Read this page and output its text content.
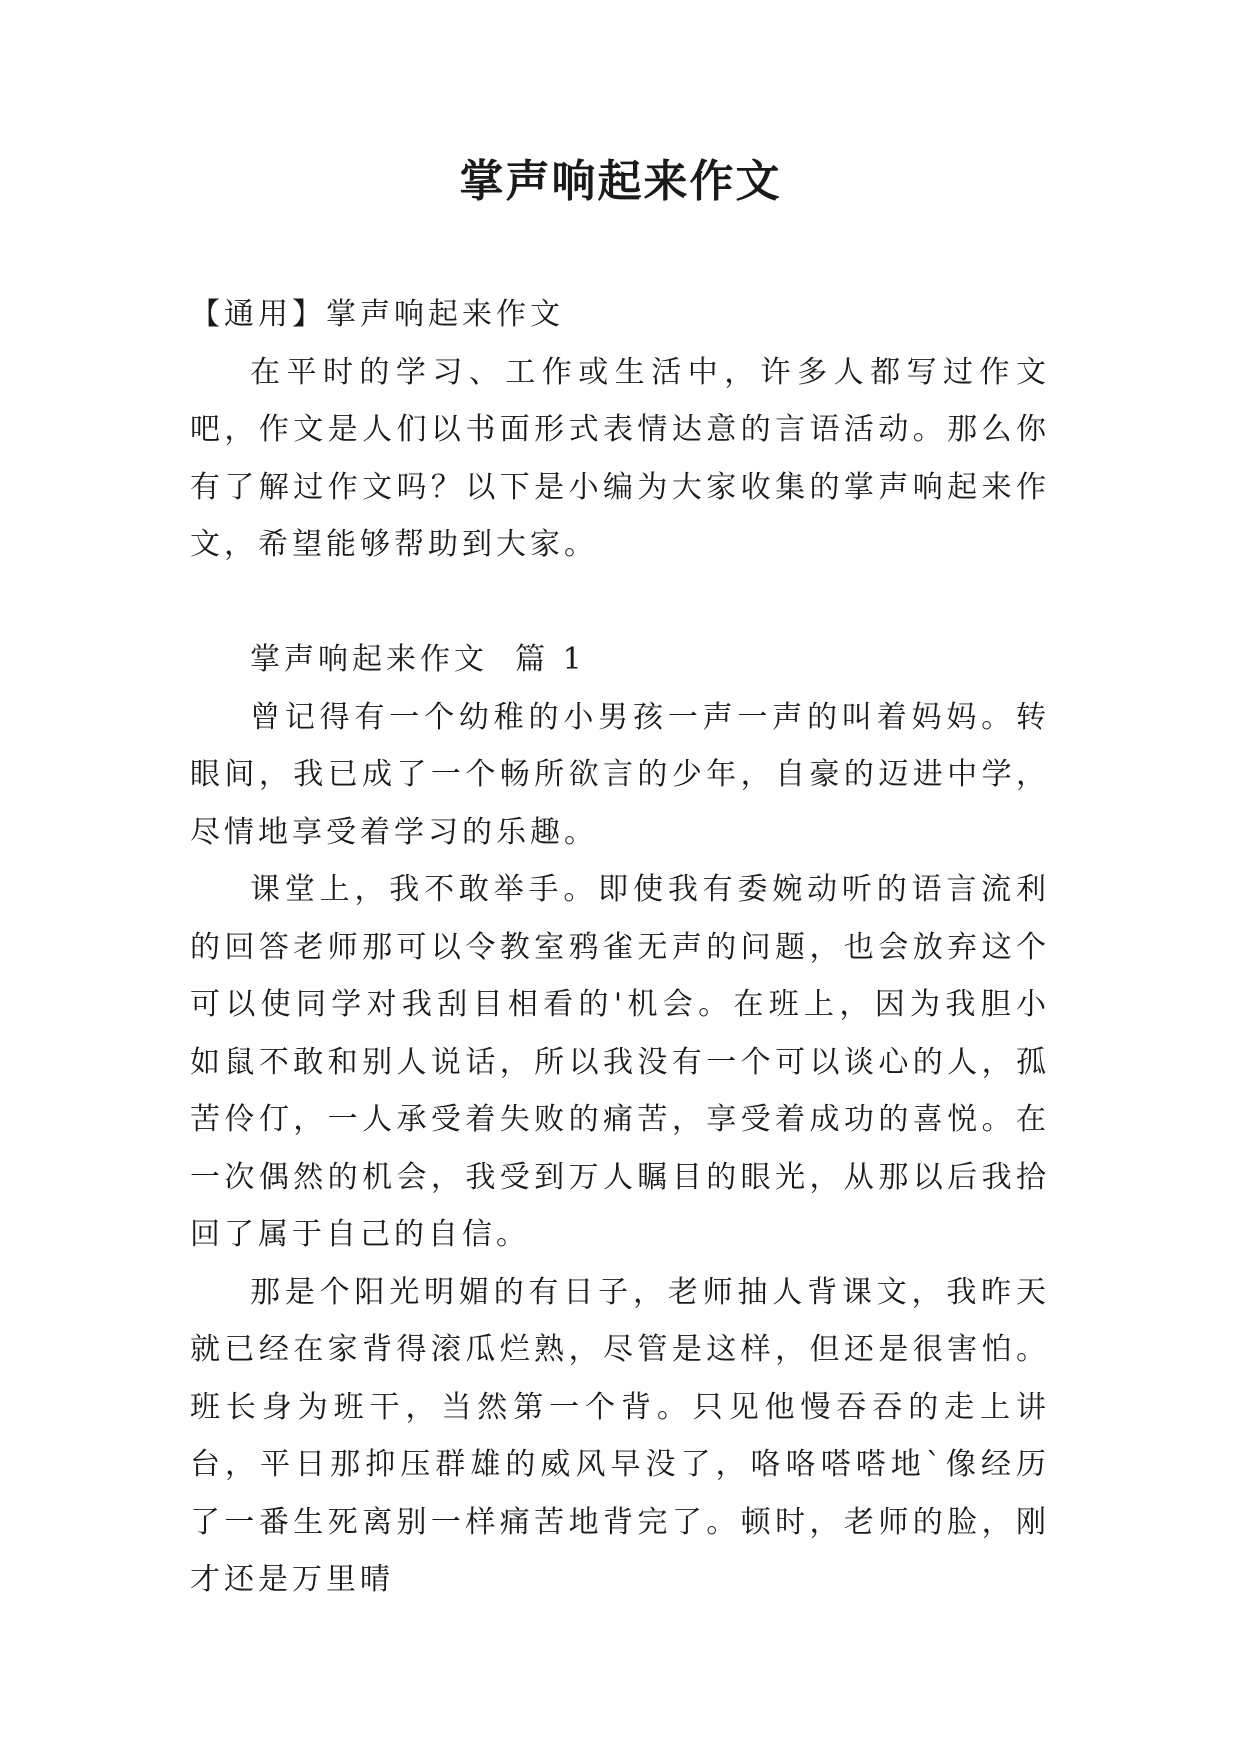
掌声响起来作文

【通用】掌声响起来作文

在平时的学习、工作或生活中，许多人都写过作文吧，作文是人们以书面形式表情达意的言语活动。那么你有了解过作文吗？以下是小编为大家收集的掌声响起来作文，希望能够帮助到大家。

掌声响起来作文  篇 1

曾记得有一个幼稚的小男孩一声一声的叫着妈妈。转眼间，我已成了一个畅所欲言的少年，自豪的迈进中学，尽情地享受着学习的乐趣。

课堂上，我不敢举手。即使我有委婉动听的语言流利的回答老师那可以令教室鸦雀无声的问题，也会放弃这个可以使同学对我刮目相看的'机会。在班上，因为我胆小如鼠不敢和别人说话，所以我没有一个可以谈心的人，孤苦伶仃，一人承受着失败的痛苦，享受着成功的喜悦。在 一次偶然的机会，我受到万人瞩目的眼光，从那以后我拾回了属于自己的自信。

那是个阳光明媚的有日子，老师抽人背课文，我昨天就已经在家背得滚瓜烂熟，尽管是这样，但还是很害怕。班长身为班干，当然第一个背。只见他慢吞吞的走上讲台，平日那抑压群雄的威风早没了，咯咯嗒嗒地`像经历了一番生死离别一样痛苦地背完了。顿时，老师的脸，刚才还是万里晴
